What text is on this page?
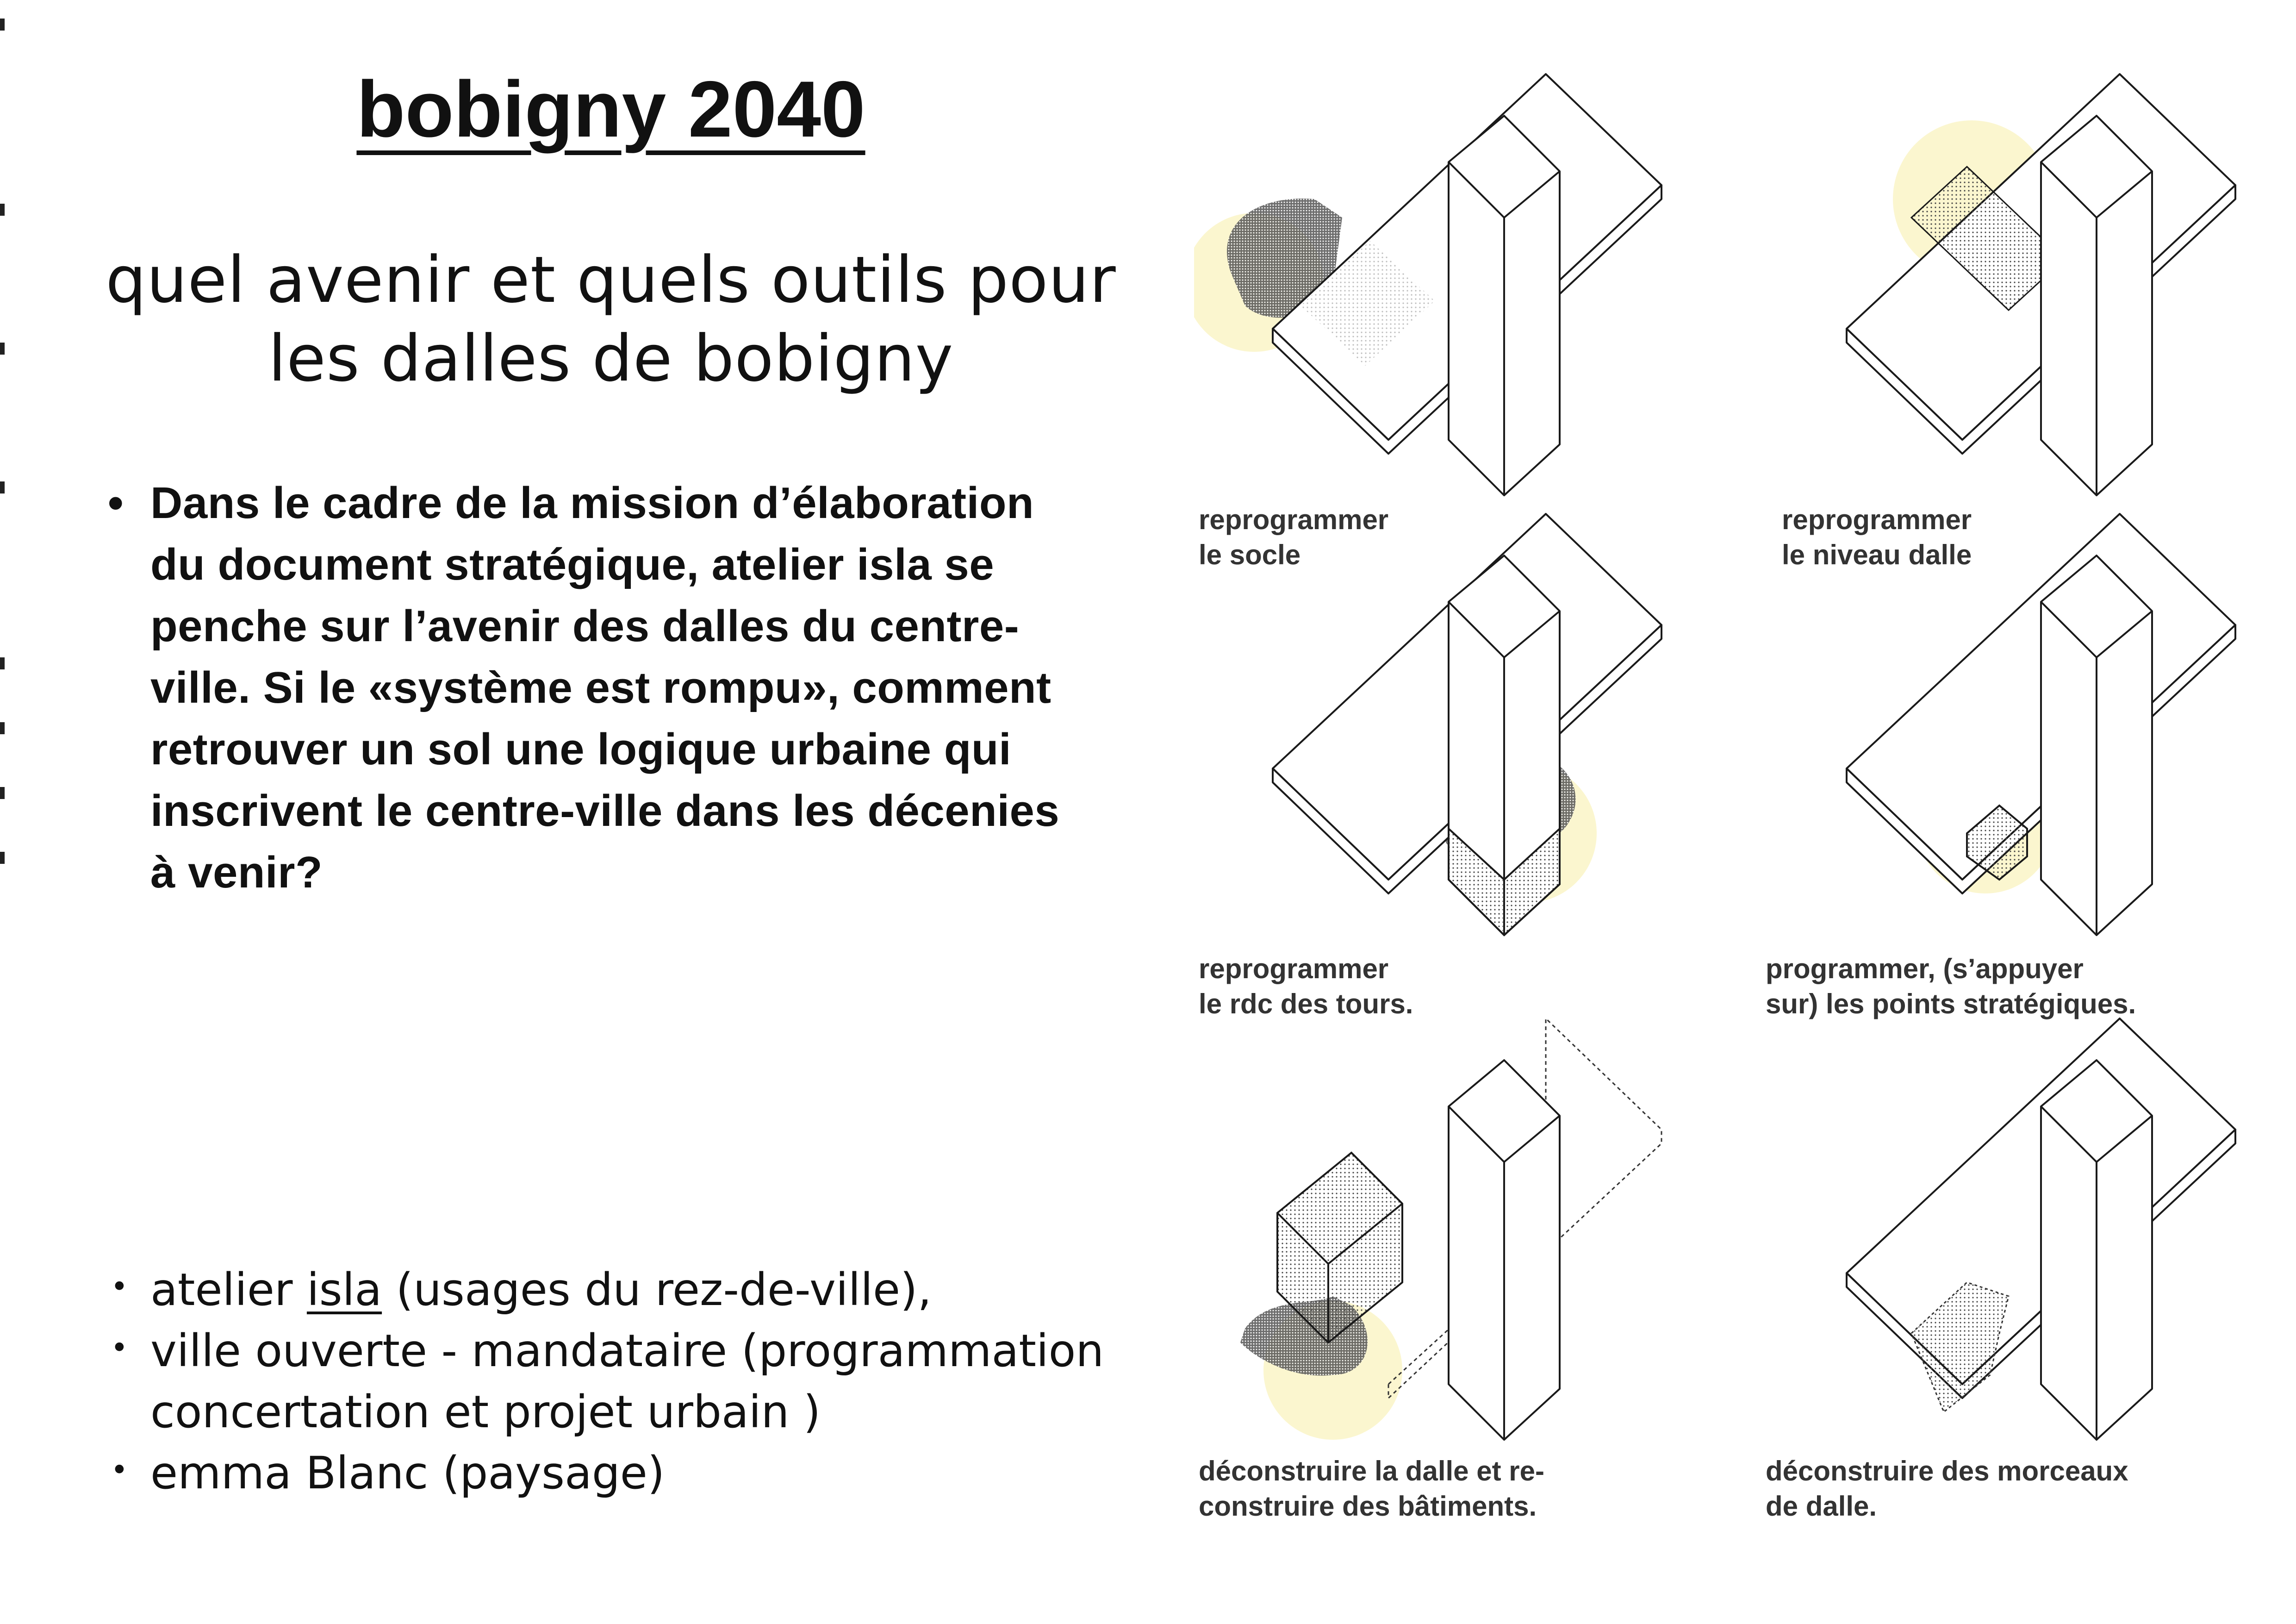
bobigny 2040
quel avenir et quels outils pour
les dalles de bobigny
• Dans le cadre de la mission d’élaboration
du document stratégique, atelier isla se
penche sur l’avenir des dalles du centre-
ville. Si le «système est rompu», comment
retrouver un sol une logique urbaine qui
inscrivent le centre-ville dans les décenies
à venir?
• atelier isla (usages du rez-de-ville),
• ville ouverte - mandataire (programmation
concertation et projet urbain )
• emma Blanc (paysage)
reprogrammer
le socle
reprogrammer
le niveau dalle
reprogrammer
le rdc des tours.
programmer, (s’appuyer
sur) les points stratégiques.
déconstruire la dalle et re-
construire des bâtiments.
déconstruire des morceaux
de dalle.
